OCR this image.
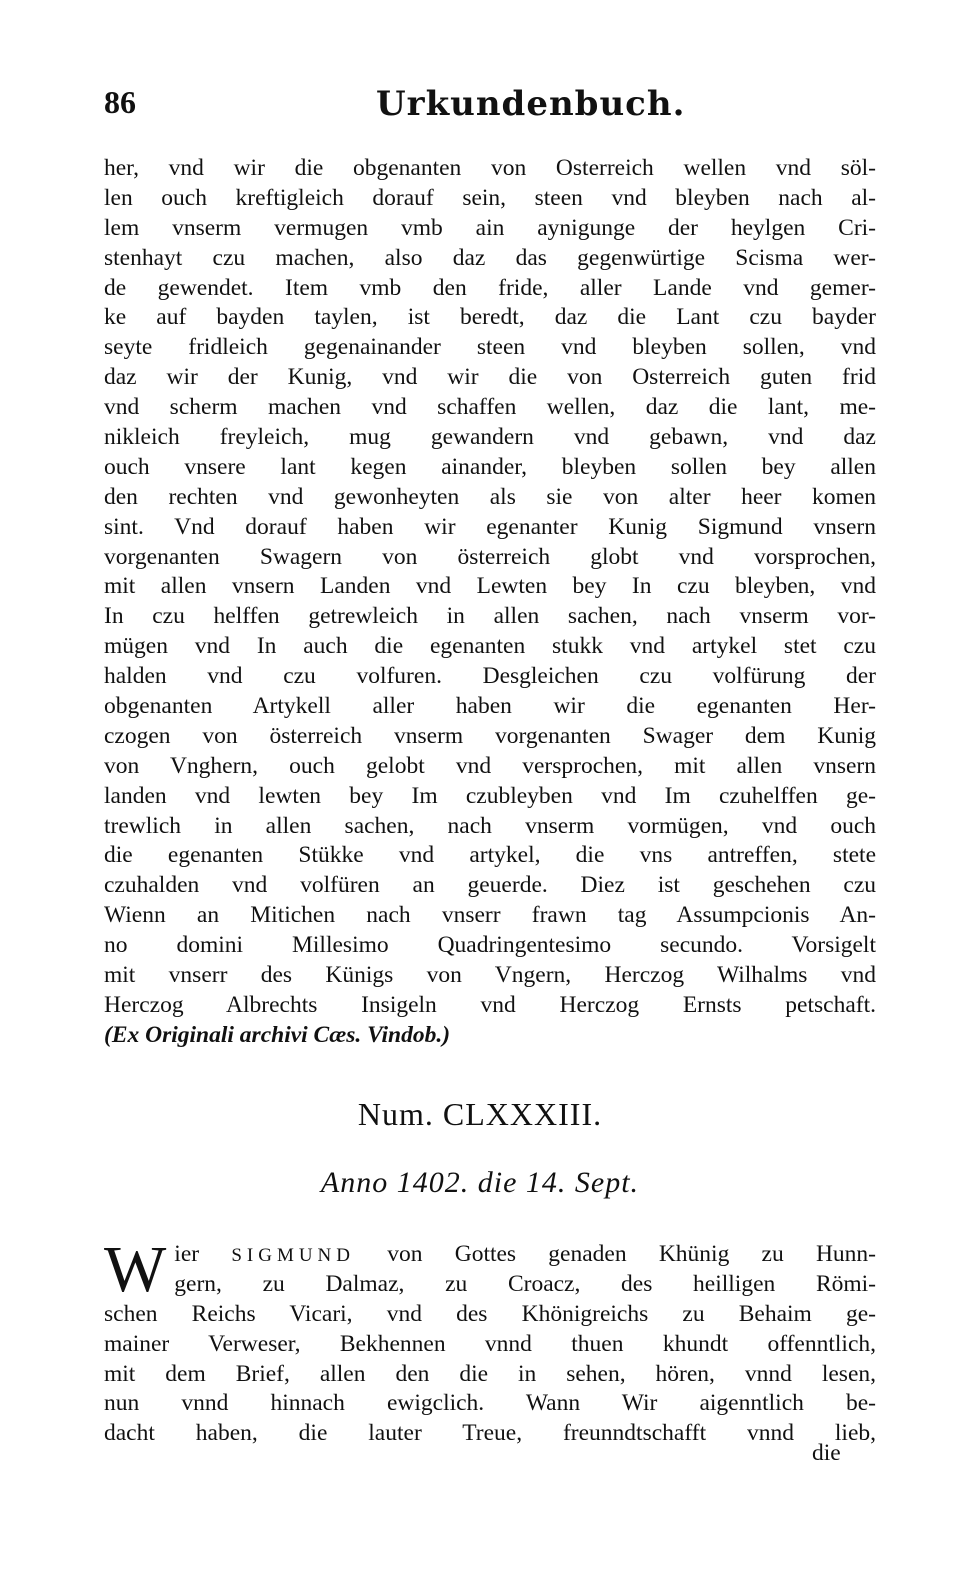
86	Urkundenbuch.
her, vnd wir die obgenanten von Osterreich wellen vnd söl-
len ouch kreftigleich dorauf sein, steen vnd bleyben nach al-
lem vnserm vermugen vmb ain aynigunge der heylgen Cri-
stenhayt czu machen, also daz das gegenwürtige Scisma wer-
de gewendet. Item vmb den fride, aller Lande vnd gemer-
ke auf bayden taylen, ist beredt, daz die Lant czu bayder
seyte fridleich gegenainander steen vnd bleyben sollen, vnd
daz wir der Kunig, vnd wir die von Osterreich guten frid
vnd scherm machen vnd schaffen wellen, daz die lant, me-
nikleich freyleich, mug gewandern vnd gebawn, vnd daz
ouch vnsere lant kegen ainander, bleyben sollen bey allen
den rechten vnd gewonheyten als sie von alter heer komen
sint. Vnd dorauf haben wir egenanter Kunig Sigmund vnsern
vorgenanten Swagern von österreich globt vnd vorsprochen,
mit allen vnsern Landen vnd Lewten bey In czu bleyben, vnd
In czu helffen getrewleich in allen sachen, nach vnserm vor-
mügen vnd In auch die egenanten stukk vnd artykel stet czu
halden vnd czu volfuren. Desgleichen czu volfürung der
obgenanten Artykell aller haben wir die egenanten Her-
czogen von österreich vnserm vorgenanten Swager dem Kunig
von Vnghern, ouch gelobt vnd versprochen, mit allen vnsern
landen vnd lewten bey Im czubleyben vnd Im czuhelffen ge-
trewlich in allen sachen, nach vnserm vormügen, vnd ouch
die egenanten Stükke vnd artykel, die vns antreffen, stete
czuhalden vnd volfüren an geuerde. Diez ist geschehen czu
Wienn an Mitichen nach vnserr frawn tag Assumpcionis An-
no domini Millesimo Quadringentesimo secundo. Vorsigelt
mit vnserr des Künigs von Vngern, Herczog Wilhalms vnd
Herczog Albrechts Insigeln vnd Herczog Ernsts petschaft.
(Ex Originali archivi Cæs. Vindob.)
Num. CLXXXIII.
Anno 1402. die 14. Sept.
W ier SIGMUND von Gottes genaden Khünig zu Hunn-
gern, zu Dalmaz, zu Croacz, des heilligen Römi-
schen Reichs Vicari, vnd des Khönigreichs zu Behaim ge-
mainer Verweser, Bekhennen vnnd thuen khundt offenntlich,
mit dem Brief, allen den die in sehen, hören, vnnd lesen,
nun vnnd hinnach ewigclich. Wann Wir aigenntlich be-
dacht haben, die lauter Treue, freunndtschafft vnnd lieb,
die
